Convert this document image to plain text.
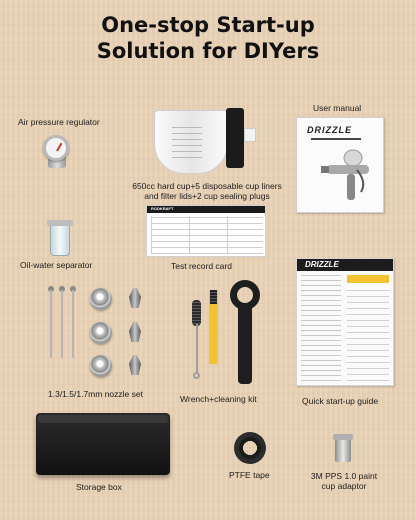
One-stop Start-up
Solution for DIYers
Air pressure regulator
650cc hard cup+5 disposable cup liners
and filter lids+2 cup sealing plugs
User manual
DRIZZLE
Oil-water separator
RODKRAFT
Test record card	DRIZZLE
Quick start-up guide
1.3/1.5/1.7mm nozzle set	Wrench+cleaning kit
Storage box
PTFE tape	3M PPS 1.0 paint
cup adaptor
